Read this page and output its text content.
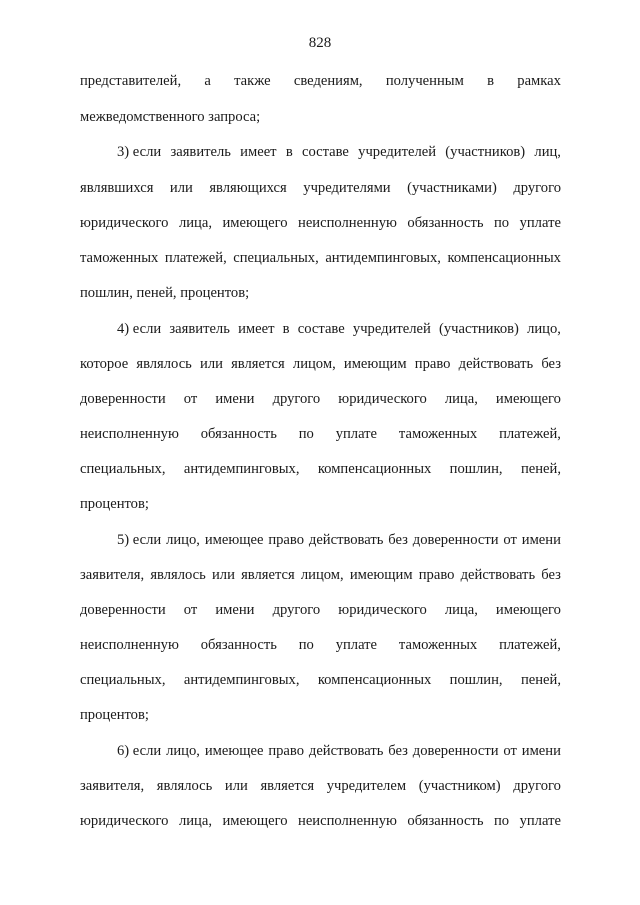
828
представителей, а также сведениям, полученным в рамках
межведомственного запроса;
3) если заявитель имеет в составе учредителей (участников) лиц,
являвшихся или являющихся учредителями (участниками) другого
юридического лица, имеющего неисполненную обязанность по уплате
таможенных платежей, специальных, антидемпинговых, компенсационных
пошлин, пеней, процентов;
4) если заявитель имеет в составе учредителей (участников) лицо,
которое являлось или является лицом, имеющим право действовать без
доверенности от имени другого юридического лица, имеющего
неисполненную обязанность по уплате таможенных платежей,
специальных, антидемпинговых, компенсационных пошлин, пеней,
процентов;
5) если лицо, имеющее право действовать без доверенности от имени
заявителя, являлось или является лицом, имеющим право действовать без
доверенности от имени другого юридического лица, имеющего
неисполненную обязанность по уплате таможенных платежей,
специальных, антидемпинговых, компенсационных пошлин, пеней,
процентов;
6) если лицо, имеющее право действовать без доверенности от имени
заявителя, являлось или является учредителем (участником) другого
юридического лица, имеющего неисполненную обязанность по уплате
